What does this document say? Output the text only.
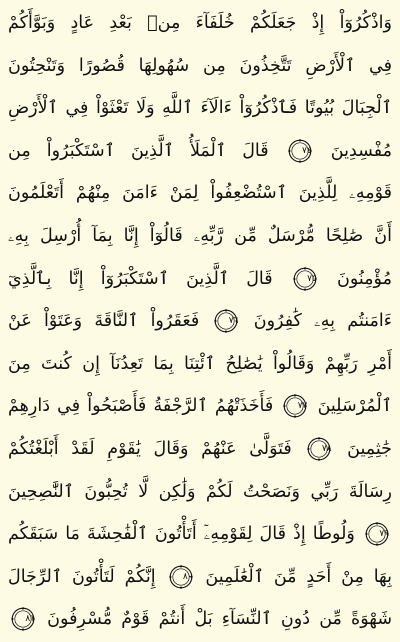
وَاذْكُرُوٓاْ إِذْ جَعَلَكُمْ خُلَفَآءَ مِنۢ بَعْدِ عَادٍ وَبَوَّأَكُمْ
فِي ٱلْأَرْضِ تَتَّخِذُونَ مِن سُهُولِهَا قُصُورًا وَتَنْحِتُونَ
ٱلْجِبَالَ بُيُوتًا فَٱذْكُرُوٓاْ ءَالَآءَ ٱللَّهِ وَلَا تَعْثَوْاْ فِي ٱلْأَرْضِ
مُفْسِدِينَ
٧٤
قَالَ ٱلْمَلَأُ ٱلَّذِينَ ٱسْتَكْبَرُواْ مِن
قَوْمِهِۦ لِلَّذِينَ ٱسْتُضْعِفُواْ لِمَنْ ءَامَنَ مِنْهُمْ أَتَعْلَمُونَ
أَنَّ صَٰلِحًا مُّرْسَلٌ مِّن رَّبِّهِۦ قَالُوٓاْ إِنَّا بِمَآ أُرْسِلَ بِهِۦ
مُؤْمِنُونَ
٧٥
قَالَ ٱلَّذِينَ ٱسْتَكْبَرُوٓاْ إِنَّا بِٱلَّذِيٓ
ءَامَنتُم بِهِۦ كَٰفِرُونَ
٧٦
فَعَقَرُواْ ٱلنَّاقَةَ وَعَتَوْاْ عَنْ
أَمْرِ رَبِّهِمْ وَقَالُواْ يَٰصَٰلِحُ ٱئْتِنَا بِمَا تَعِدُنَآ إِن كُنتَ مِنَ
ٱلْمُرْسَلِينَ
٧٧
فَأَخَذَتْهُمُ ٱلرَّجْفَةُ فَأَصْبَحُواْ فِي دَارِهِمْ
جَٰثِمِينَ
٧٨
فَتَوَلَّىٰ عَنْهُمْ وَقَالَ يَٰقَوْمِ لَقَدْ أَبْلَغْتُكُمْ
رِسَالَةَ رَبِّي وَنَصَحْتُ لَكُمْ وَلَٰكِن لَّا تُحِبُّونَ ٱلنَّٰصِحِينَ
٧٩
وَلُوطًا إِذْ قَالَ لِقَوْمِهِۦٓ أَتَأْتُونَ ٱلْفَٰحِشَةَ مَا سَبَقَكُم
بِهَا مِنْ أَحَدٍ مِّنَ ٱلْعَٰلَمِينَ
٨٠
إِنَّكُمْ لَتَأْتُونَ ٱلرِّجَالَ
شَهْوَةً مِّن دُونِ ٱلنِّسَآءِ بَلْ أَنتُمْ قَوْمٌ مُّسْرِفُونَ
٨١
